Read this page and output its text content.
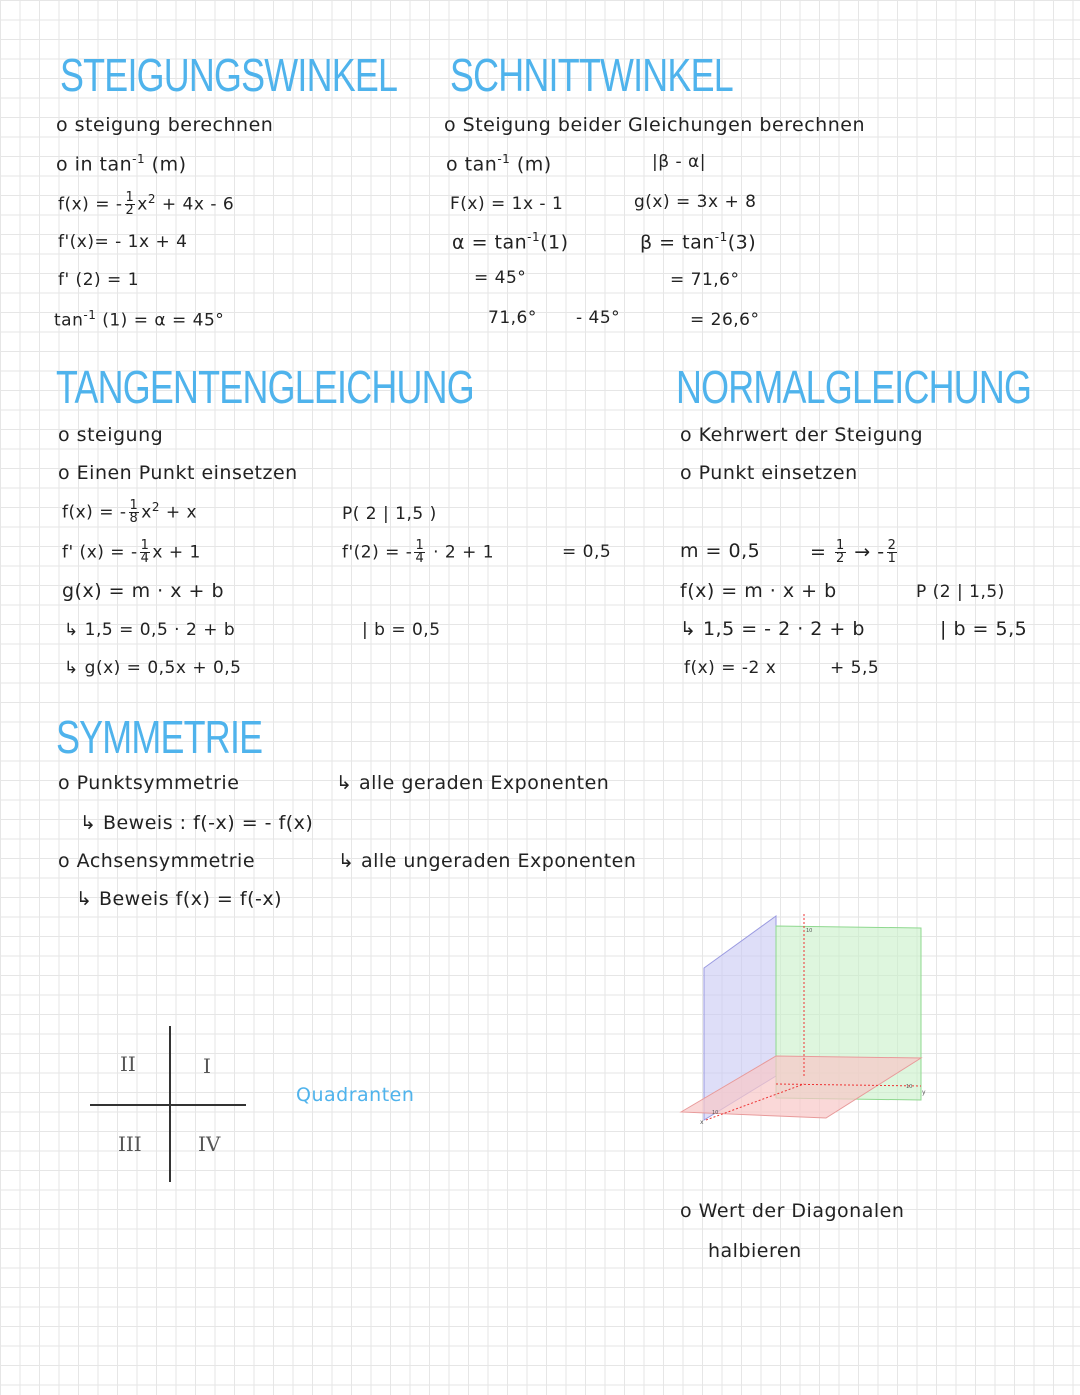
STEIGUNGSWINKEL
o steigung berechnen
o in $\tan^{-1} (m)$
f(x) = - $\frac{1}{2} x^2 + 4x - 6$
f'(x)= - 1x + 4
f' (2) = 1
$\tan^{-1} (1) = \alpha = 45^\circ$
SCHNITTWINKEL
o Steigung beider Gleichungen berechnen
o $\tan^{-1} (m)$	|β - α|
F(x) = 1x - 1	g(x) = 3x + 8
$\alpha = \tan^{-1}(1)$	$\beta = \tan^{-1}(3)$
= 45°	= 71,6°
71,6° - 45°	= 26,6°
TANGENTENGLEICHUNG
o steigung
o Einen Punkt einsetzen
f(x) = - $\frac{1}{8} x^2 + x$	P( 2 | 1,5 )
f' (x) = - $\frac{1}{4}$ x + 1	f'(2) = - $\frac{1}{4} \cdot 2 + 1$	= 0,5
g(x) = m · x + b
↳ 1,5 = 0,5 · 2 + b	| b = 0,5
↳ g(x) = 0,5x + 0,5
NORMALGLEICHUNG
o Kehrwert der Steigung
o Punkt einsetzen
m = 0,5	= $\frac{1}{2}$ → - $\frac{2}{1}$
f(x) = m · x + b	P (2 | 1,5)
↳ 1,5 = - 2 · 2 + b	| b = 5,5
f(x) = -2 x	+ 5,5
SYMMETRIE
o Punktsymmetrie	↳ alle geraden Exponenten
↳ Beweis : f(-x) = - f(x)
o Achsensymmetrie	↳ alle ungeraden Exponenten
↳ Beweis f(x) = f(-x)
II	I
III	IV
Quadranten
10
10
y
10
x
o Wert der Diagonalen
halbieren
